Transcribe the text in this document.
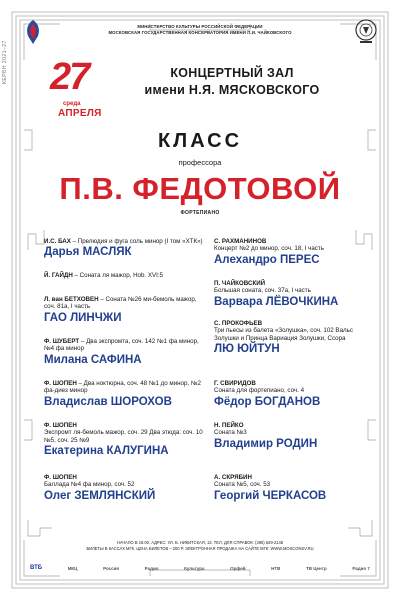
КЕРБН 2021–27
МИНИСТЕРСТВО КУЛЬТУРЫ РОССИЙСКОЙ ФЕДЕРАЦИИ
МОСКОВСКАЯ ГОСУДАРСТВЕННАЯ КОНСЕРВАТОРИЯ ИМЕНИ П.И. ЧАЙКОВСКОГО
27
среда
АПРЕЛЯ
КОНЦЕРТНЫЙ ЗАЛ
имени Н.Я. МЯСКОВСКОГО
КЛАСС
профессора
П.В. ФЕДОТОВОЙ
ФОРТЕПИАНО
И.С. БАХ – Прелюдия и фуга соль минор (I том «ХТК»)
Дарья МАСЛЯК
Й. ГАЙДН – Соната ля мажор, Hob. XVI:5
Л. ван БЕТХОВЕН – Соната №26 ми-бемоль мажор, соч. 81а, I часть
ГАО ЛИНЧЖИ
Ф. ШУБЕРТ – Два экспромта, соч. 142 №1 фа минор, №4 фа минор
Милана САФИНА
Ф. ШОПЕН – Два ноктюрна, соч. 48 №1 до минор, №2 фа-диез минор
Владислав ШОРОХОВ
Ф. ШОПЕН
Экспромт ля-бемоль мажор, соч. 29 Два этюда: соч. 10 №5, соч. 25 №9
Екатерина КАЛУГИНА
Ф. ШОПЕН
Баллада №4 фа минор, соч. 52
Олег ЗЕМЛЯНСКИЙ
С. РАХМАНИНОВ
Концерт №2 до минор, соч. 18, I часть
Алехандро ПЕРЕС
П. ЧАЙКОВСКИЙ
Большая соната, соч. 37а, I часть
Варвара ЛЁВОЧКИНА
С. ПРОКОФЬЕВ
Три пьесы из балета «Золушка», соч. 102 Вальс Золушки и Принца Вариация Золушки, Ссора
ЛЮ ЮЙТУН
Г. СВИРИДОВ
Соната для фортепиано, соч. 4
Фёдор БОГДАНОВ
Н. ПЕЙКО
Соната №3
Владимир РОДИН
А. СКРЯБИН
Соната №5, соч. 53
Георгий ЧЕРКАСОВ
НАЧАЛО В 19.00. АДРЕС: УЛ. Б. НИКИТСКАЯ, 13. ТЕЛ. ДЛЯ СПРАВОК: (495) 629-2148
БИЛЕТЫ В КАССАХ МГК. ЦЕНА БИЛЕТОВ – 200 Р. ЭЛЕКТРОННАЯ ПРОДАЖА НА САЙТЕ МГК: WWW.MOSCONSV.RU
ВТБ	МКЦ	Россия	Радио	Культура	Орфей	НТВ	ТВ Центр	Радио 7
